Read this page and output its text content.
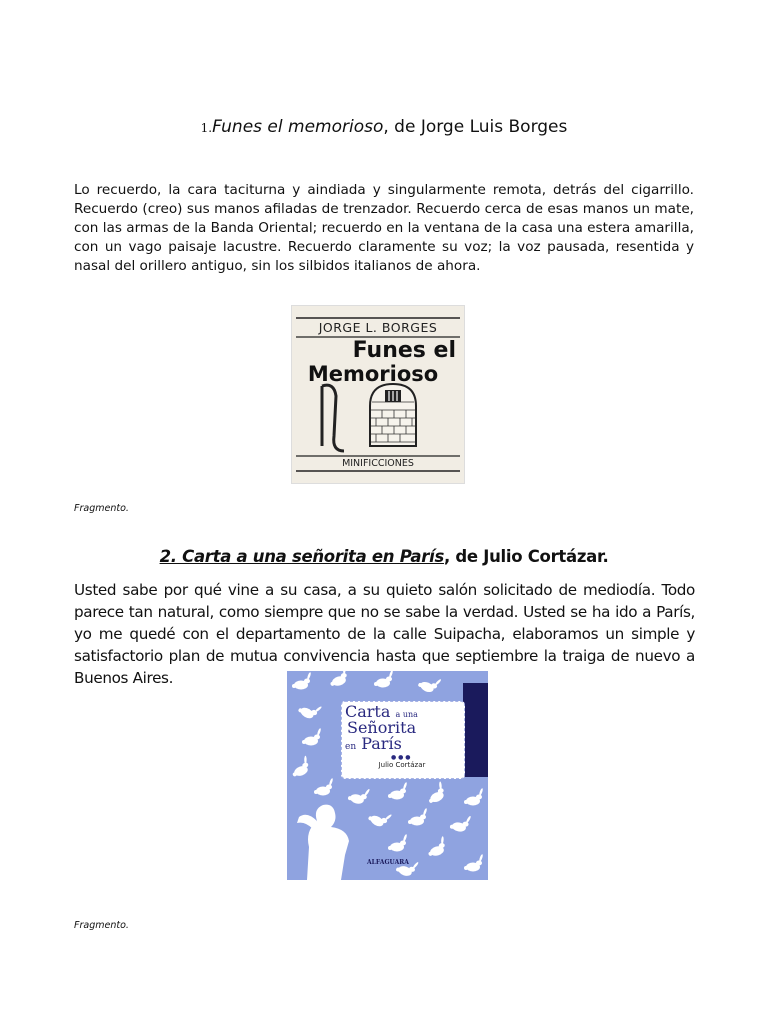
1.Funes el memorioso, de Jorge Luis Borges
Lo recuerdo, la cara taciturna y aindiada y singularmente remota, detrás del cigarrillo. Recuerdo (creo) sus manos afiladas de trenzador. Recuerdo cerca de esas manos un mate, con las armas de la Banda Oriental; recuerdo en la ventana de la casa una estera amarilla, con un vago paisaje lacustre. Recuerdo claramente su voz; la voz pausada, resentida y nasal del orillero antiguo, sin los silbidos italianos de ahora.
JORGE L. BORGES
Funes el
Memorioso
MINIFICCIONES
Fragmento.
2. Carta a una señorita en París, de Julio Cortázar.
Usted sabe por qué vine a su casa, a su quieto salón solicitado de mediodía. Todo parece tan natural, como siempre que no se sabe la verdad. Usted se ha ido a París, yo me quedé con el departamento de la calle Suipacha, elaboramos un simple y satisfactorio plan de mutua convivencia hasta que septiembre la traiga de nuevo a Buenos Aires.
Carta a una
Señorita
en París
● ● ●
Julio Cortázar
ALFAGUARA
Fragmento.
